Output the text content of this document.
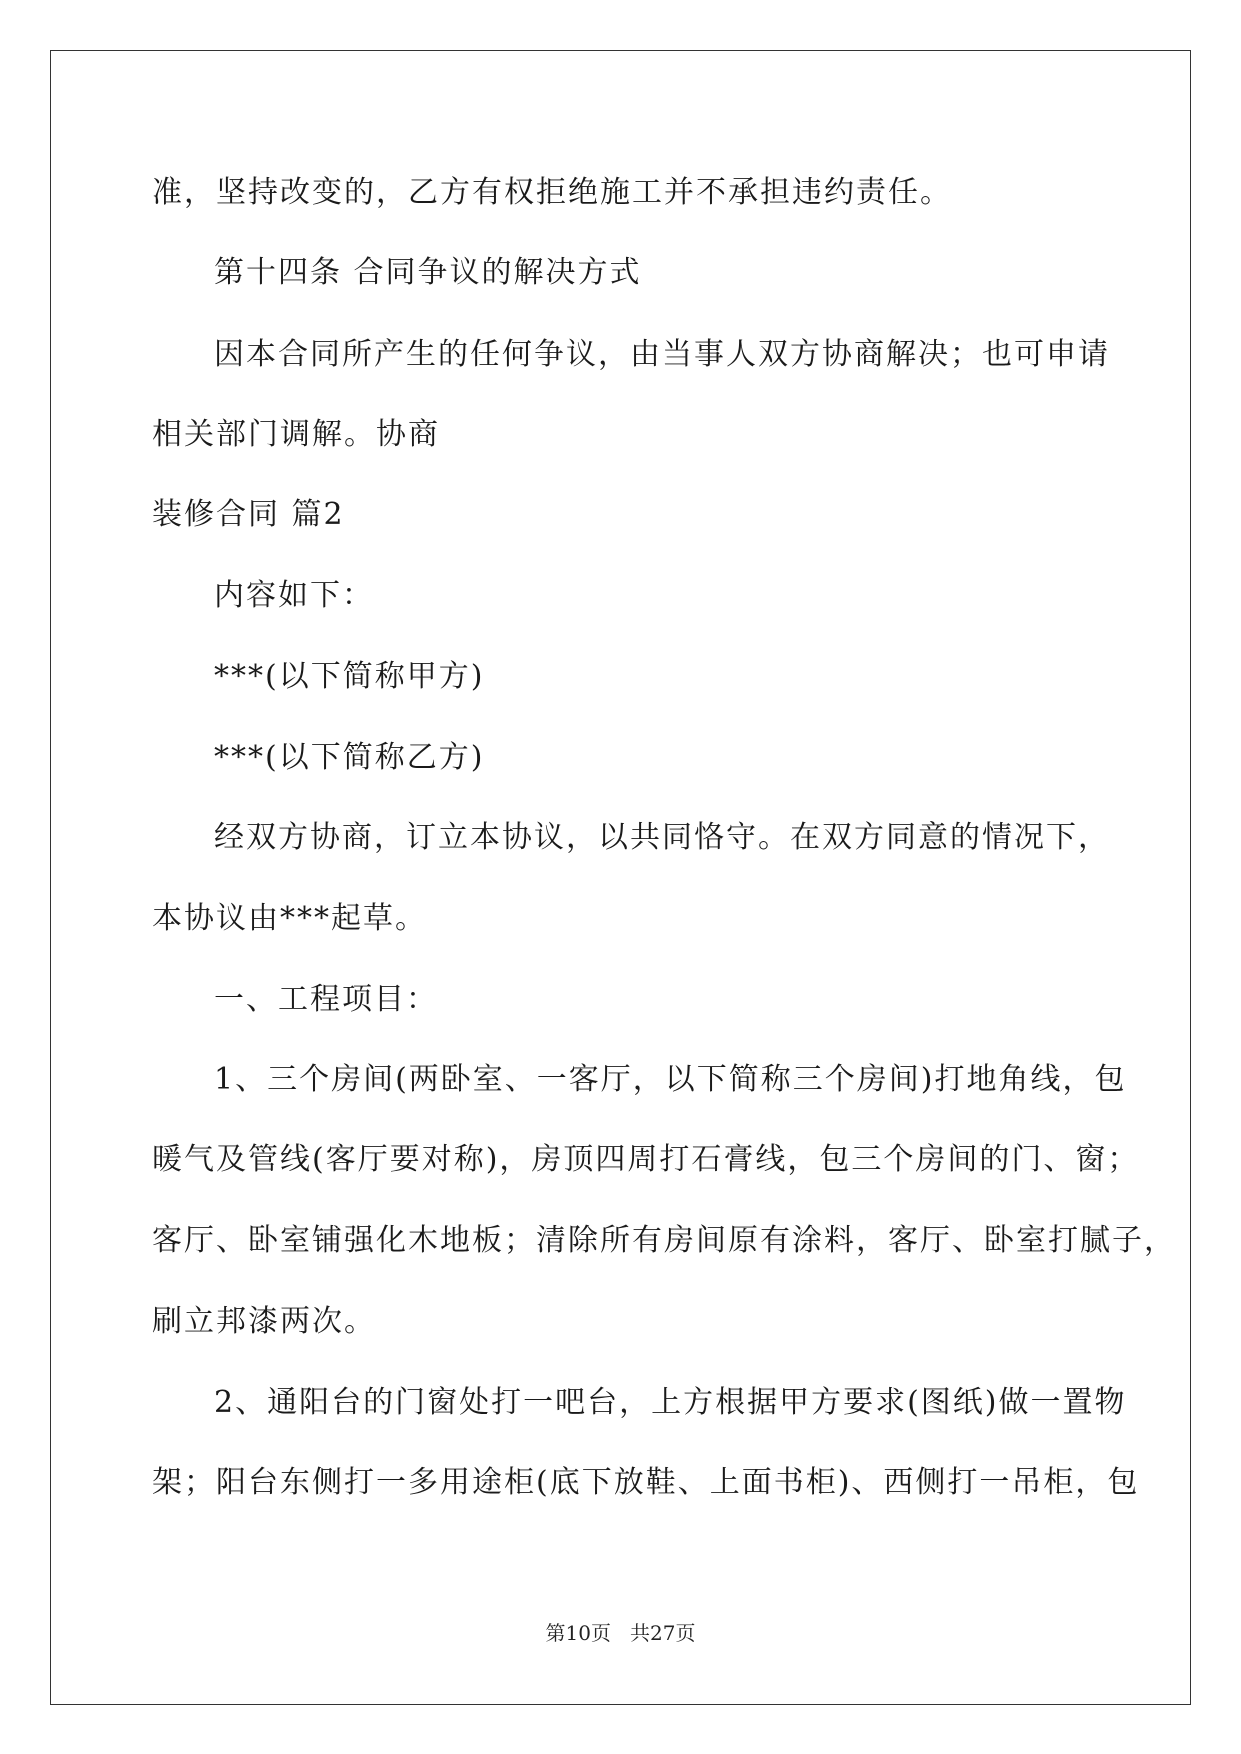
准，坚持改变的，乙方有权拒绝施工并不承担违约责任。
第十四条 合同争议的解决方式
因本合同所产生的任何争议，由当事人双方协商解决；也可申请
相关部门调解。协商
装修合同 篇2
内容如下：
***(以下简称甲方)
***(以下简称乙方)
经双方协商，订立本协议，以共同恪守。在双方同意的情况下，
本协议由***起草。
一、工程项目：
1、三个房间(两卧室、一客厅，以下简称三个房间)打地角线，包
暖气及管线(客厅要对称)，房顶四周打石膏线，包三个房间的门、窗；
客厅、卧室铺强化木地板；清除所有房间原有涂料，客厅、卧室打腻子，
刷立邦漆两次。
2、通阳台的门窗处打一吧台，上方根据甲方要求(图纸)做一置物
架；阳台东侧打一多用途柜(底下放鞋、上面书柜)、西侧打一吊柜，包
第10页 共27页
